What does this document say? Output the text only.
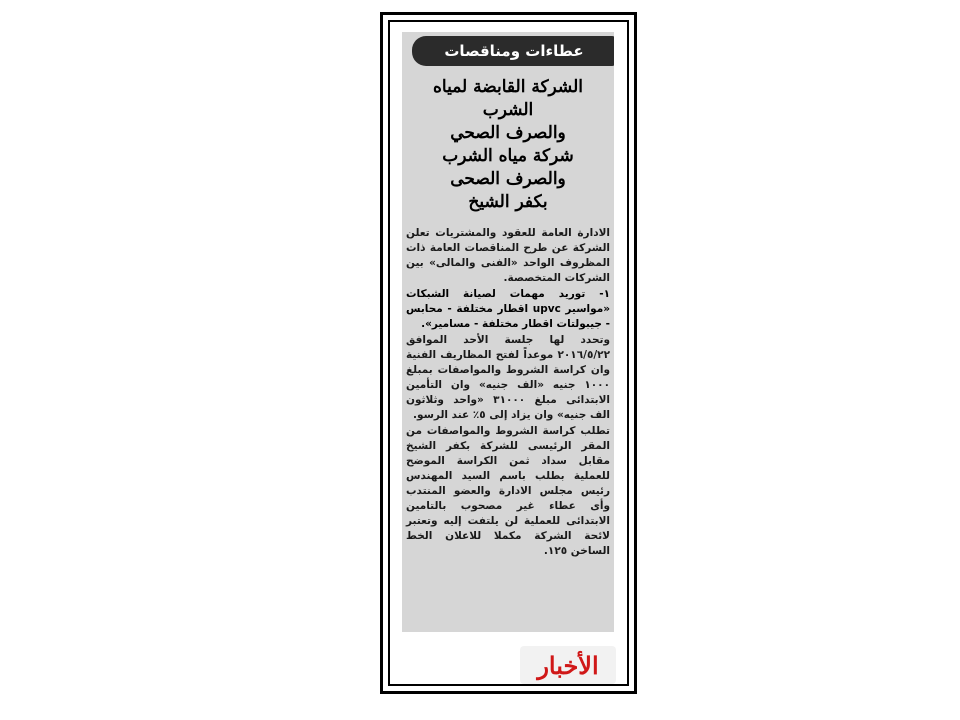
عطاءات ومناقصات
الشركة القابضة لمياه
الشرب
والصرف الصحي
شركة مياه الشرب
والصرف الصحى
بكفر الشيخ

الادارة العامة للعقود والمشتريات تعلن الشركة عن طرح المناقصات العامة ذات المظروف الواحد «الفنى والمالى» بين الشركات المتخصصة.

١- توريد مهمات لصيانة الشبكات «مواسير upvc اقطار مختلفة - محابس - جيبولتات اقطار مختلفة - مسامير».

وتحدد لها جلسة الأحد الموافق ٢٠١٦/٥/٢٢ موعداً لفتح المظاريف الفنية وان كراسة الشروط والمواصفات بمبلغ ١٠٠٠ جنيه «الف جنيه» وان التأمين الابتدائى مبلغ ٣١٠٠٠ «واحد وثلاثون الف جنيه» وان يزاد إلى ٥٪ عند الرسو.

تطلب كراسة الشروط والمواصفات من المقر الرئيسى للشركة بكفر الشيخ مقابل سداد ثمن الكراسة الموضح للعملية بطلب باسم السيد المهندس رئيس مجلس الادارة والعضو المنتدب وأى عطاء غير مصحوب بالتامين الابتدائى للعملية لن يلتفت إليه وتعتبر لائحة الشركة مكملا للاعلان الخط الساخن ١٢٥.

الأخبار
